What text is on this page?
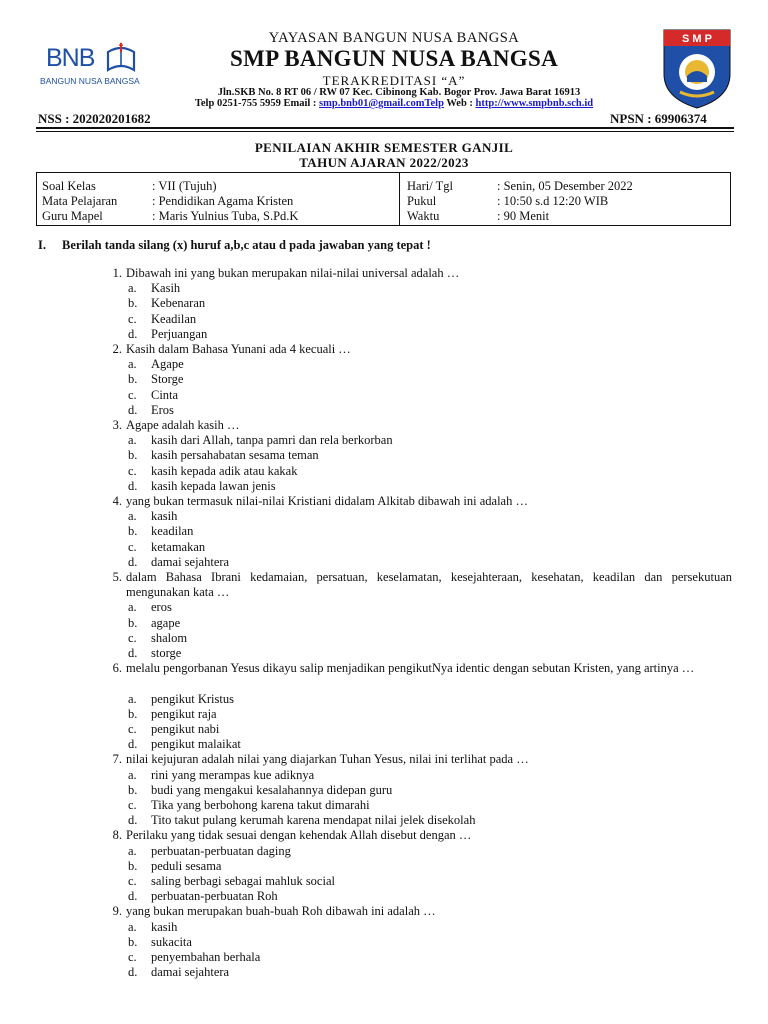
BNB
BANGUN NUSA BANGSA
YAYASAN BANGUN NUSA BANGSA
SMP BANGUN NUSA BANGSA
TERAKREDITASI “A”
Jln.SKB No. 8 RT 06 / RW 07 Kec. Cibinong Kab. Bogor Prov. Jawa Barat 16913
Telp 0251-755 5959 Email : smp.bnb01@gmail.comTelp Web : http://www.smpbnb.sch.id
S M P
NSS : 202020201682	NPSN : 69906374
PENILAIAN AKHIR SEMESTER GANJIL
TAHUN AJARAN 2022/2023
Soal Kelas	: VII (Tujuh)
Mata Pelajaran	: Pendidikan Agama Kristen
Guru Mapel	: Maris Yulnius Tuba, S.Pd.K
Hari/ Tgl	: Senin, 05 Desember 2022
Pukul	: 10:50 s.d 12:20 WIB
Waktu	: 90 Menit
I. Berilah tanda silang (x) huruf a,b,c atau d pada jawaban yang tepat !
1. Dibawah ini yang bukan merupakan nilai-nilai universal adalah …
a. Kasih
b. Kebenaran
c. Keadilan
d. Perjuangan
2. Kasih dalam Bahasa Yunani ada 4 kecuali …
a. Agape
b. Storge
c. Cinta
d. Eros
3. Agape adalah kasih …
a. kasih dari Allah, tanpa pamri dan rela berkorban
b. kasih persahabatan sesama teman
c. kasih kepada adik atau kakak
d. kasih kepada lawan jenis
4. yang bukan termasuk nilai-nilai Kristiani didalam Alkitab dibawah ini adalah …
a. kasih
b. keadilan
c. ketamakan
d. damai sejahtera
5. dalam Bahasa Ibrani kedamaian, persatuan, keselamatan, kesejahteraan, kesehatan, keadilan dan persekutuan mengunakan kata …
a. eros
b. agape
c. shalom
d. storge
6. melalu pengorbanan Yesus dikayu salip menjadikan pengikutNya identic dengan sebutan Kristen, yang artinya …
a. pengikut Kristus
b. pengikut raja
c. pengikut nabi
d. pengikut malaikat
7. nilai kejujuran adalah nilai yang diajarkan Tuhan Yesus, nilai ini terlihat pada …
a. rini yang merampas kue adiknya
b. budi yang mengakui kesalahannya didepan guru
c. Tika yang berbohong karena takut dimarahi
d. Tito takut pulang kerumah karena mendapat nilai jelek disekolah
8. Perilaku yang tidak sesuai dengan kehendak Allah disebut dengan …
a. perbuatan-perbuatan daging
b. peduli sesama
c. saling berbagi sebagai mahluk social
d. perbuatan-perbuatan Roh
9. yang bukan merupakan buah-buah Roh dibawah ini adalah …
a. kasih
b. sukacita
c. penyembahan berhala
d. damai sejahtera
